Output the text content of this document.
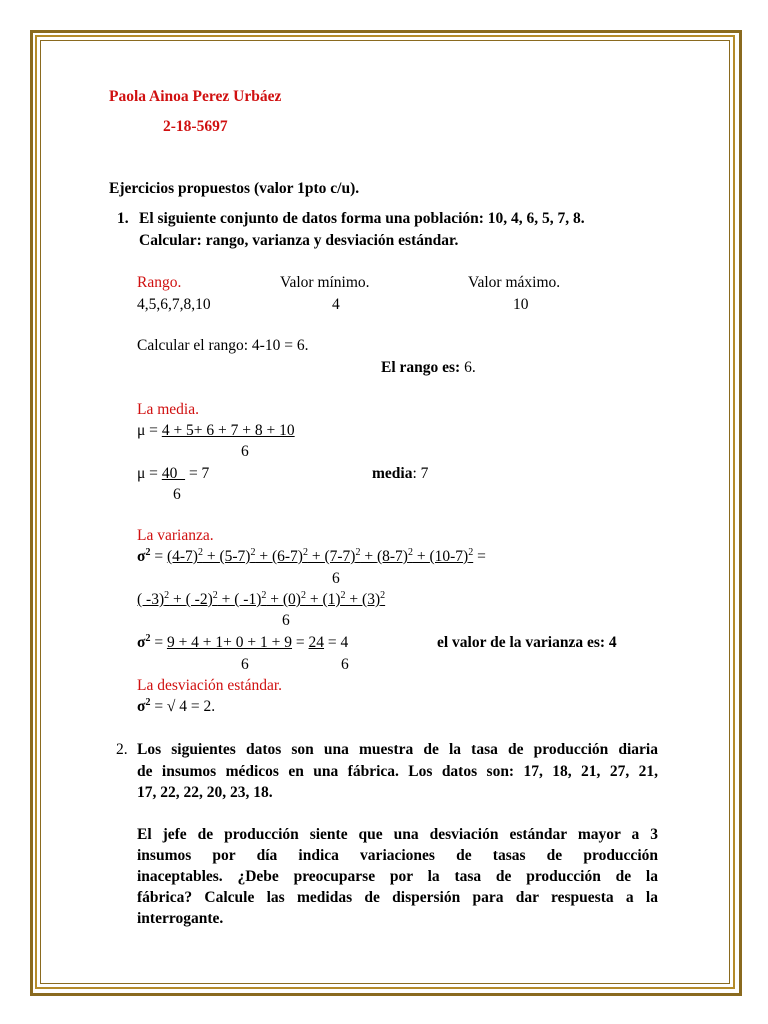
Paola Ainoa Perez Urbáez
2-18-5697
Ejercicios propuestos (valor 1pto c/u).
1. El siguiente conjunto de datos forma una población: 10, 4, 6, 5, 7, 8.
Calcular: rango, varianza y desviación estándar.
Rango.	Valor mínimo.	Valor máximo.
4,5,6,7,8,10	4	10
Calcular el rango: 4-10 = 6.
El rango es: 6.
La media.
μ = 4 + 5+ 6 + 7 + 8 + 10
6
μ = 40   = 7	media: 7
6
La varianza.
$\sigma^2 = (4-7)^2 + (5-7)^2 + (6-7)^2 + (7-7)^2 + (8-7)^2 + (10-7)^2$ =
6
( -3)$^2$ + ( -2)$^2$ + ( $-1)^2 + (0)^2 + (1)^2 + (3)^2$
6
$\sigma^2 = 9 + 4 + 1+ 0 + 1 + 9 = 24 = 4$	el valor de la varianza es: 4
6	6
La desviación estándar.
$\sigma^2$ = √ 4 = 2.
2. Los siguientes datos son una muestra de la tasa de producción diaria
de insumos médicos en una fábrica. Los datos son: 17, 18, 21, 27, 21,
17, 22, 22, 20, 23, 18.
El jefe de producción siente que una desviación estándar mayor a 3
insumos por día indica variaciones de tasas de producción
inaceptables. ¿Debe preocuparse por la tasa de producción de la
fábrica? Calcule las medidas de dispersión para dar respuesta a la
interrogante.
